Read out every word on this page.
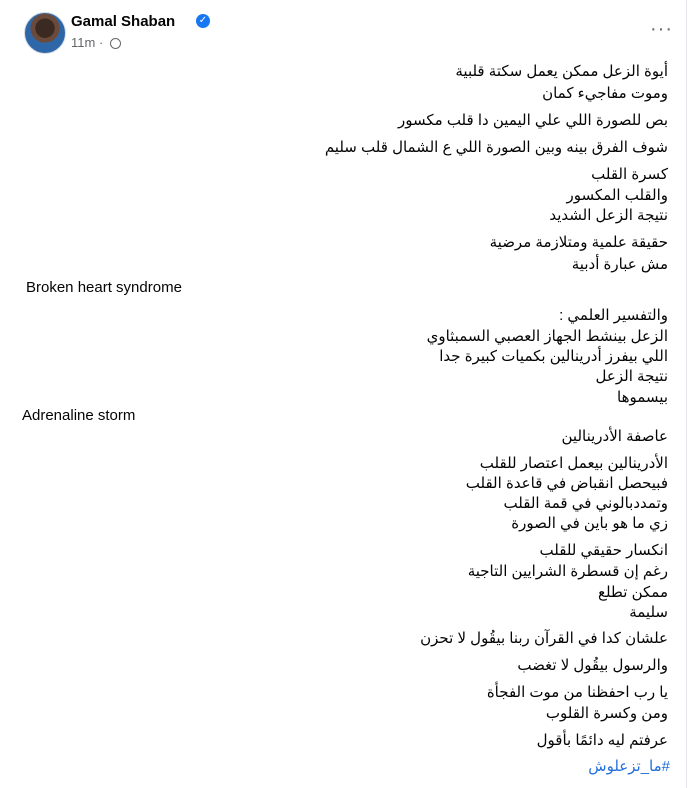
Gamal Shaban ✓
11m ·
···
أيوة الزعل ممكن يعمل سكتة قلبية
وموت مفاجيء كمان
بص للصورة اللي علي اليمين دا قلب مكسور
شوف الفرق بينه وبين الصورة اللي ع الشمال قلب سليم
كسرة القلب
والقلب المكسور
نتيجة الزعل الشديد
حقيقة علمية ومتلازمة مرضية
مش عبارة أدبية
Broken heart syndrome
والتفسير العلمي :
الزعل بينشط الجهاز العصبي السمبثاوي
اللي بيفرز أدرينالين بكميات كبيرة جدا
نتيجة الزعل
بيسموها
Adrenaline storm
عاصفة الأدرينالين
الأدرينالين بيعمل اعتصار للقلب
فبيحصل انقباض في قاعدة القلب
وتمددبالوني في قمة القلب
زي ما هو باين في الصورة
انكسار حقيقي للقلب
رغم إن قسطرة الشرايين التاجية
ممكن تطلع
سليمة
علشان كدا في القرآن ربنا بيقُول لا تحزن
والرسول بيقُول لا تغضب
يا رب احفظنا من موت الفجأة
ومن وكسرة القلوب
عرفتم ليه دائمًا بأقول
#ما_تزعلوش
